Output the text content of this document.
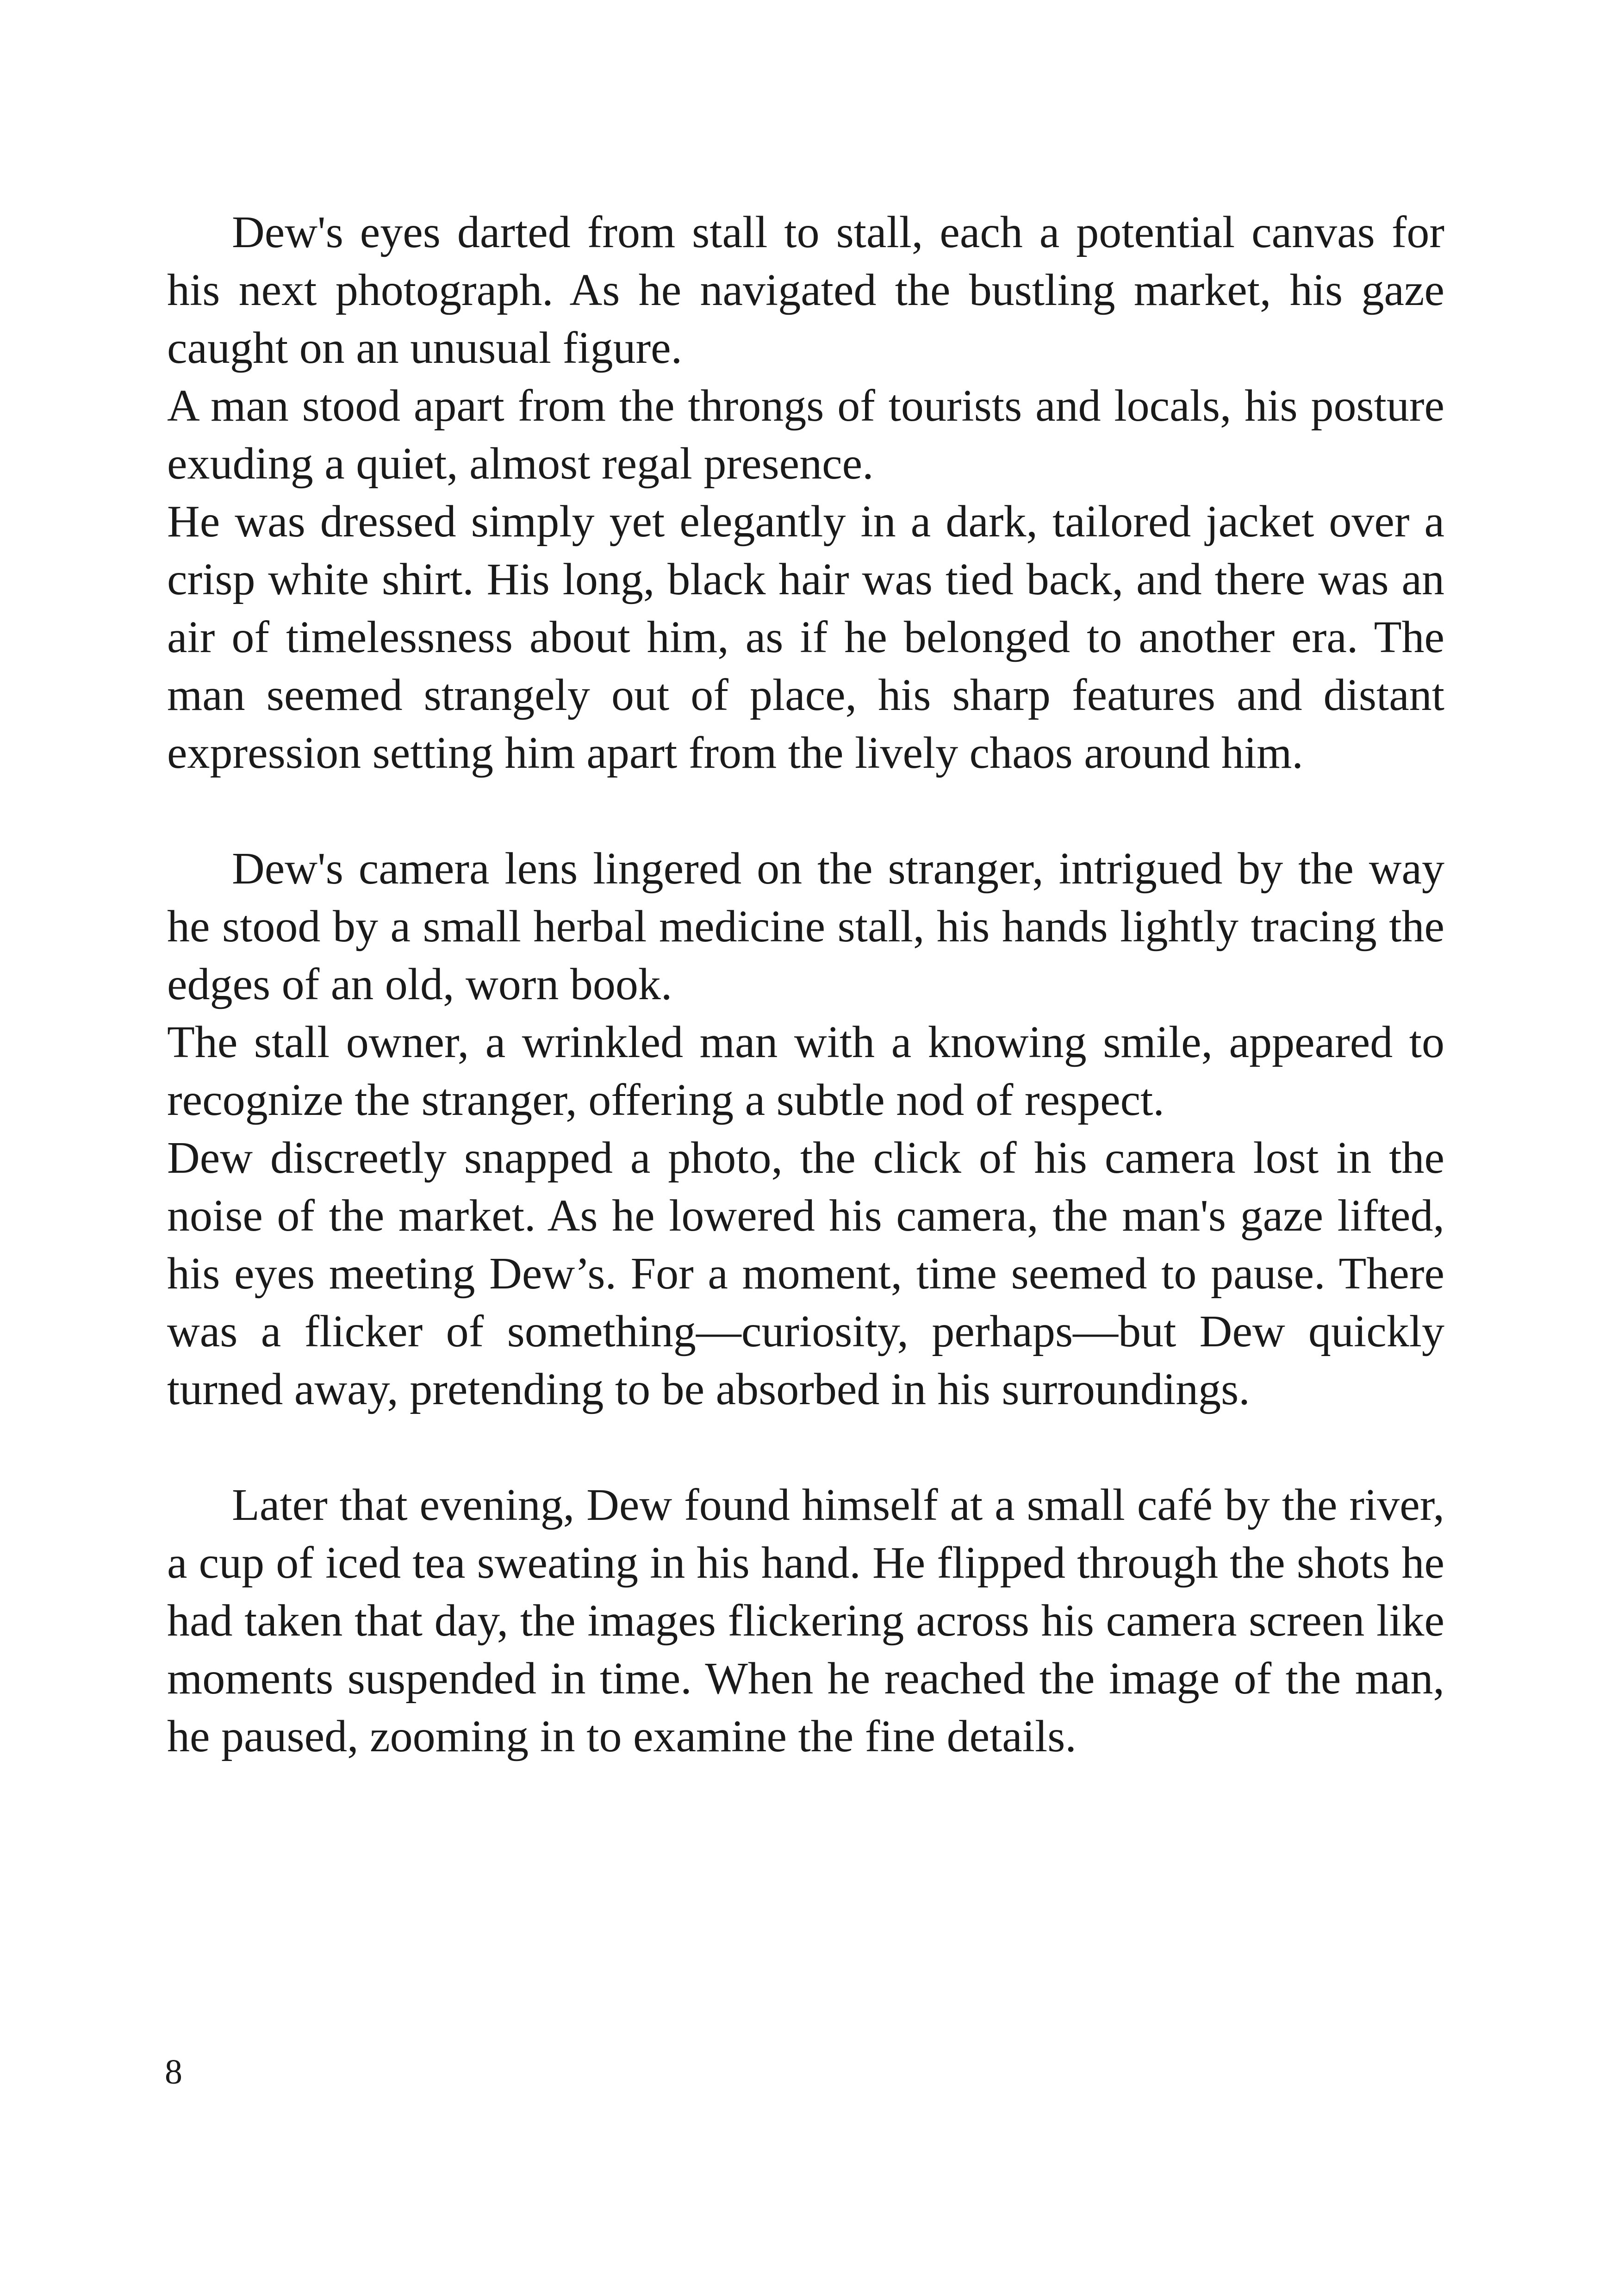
Dew's eyes darted from stall to stall, each a potential canvas for his next photograph. As he navigated the bustling market, his gaze caught on an unusual figure.

A man stood apart from the throngs of tourists and locals, his posture exuding a quiet, almost regal presence.

He was dressed simply yet elegantly in a dark, tailored jacket over a crisp white shirt. His long, black hair was tied back, and there was an air of timelessness about him, as if he belonged to another era. The man seemed strangely out of place, his sharp features and distant expression setting him apart from the lively chaos around him.

Dew's camera lens lingered on the stranger, intrigued by the way he stood by a small herbal medicine stall, his hands lightly tracing the edges of an old, worn book.

The stall owner, a wrinkled man with a knowing smile, appeared to recognize the stranger, offering a subtle nod of respect.

Dew discreetly snapped a photo, the click of his camera lost in the noise of the market. As he lowered his camera, the man's gaze lifted, his eyes meeting Dew’s. For a moment, time seemed to pause. There was a flicker of something—curiosity, perhaps—but Dew quickly turned away, pretending to be absorbed in his surroundings.

Later that evening, Dew found himself at a small café by the river, a cup of iced tea sweating in his hand. He flipped through the shots he had taken that day, the images flickering across his camera screen like moments suspended in time. When he reached the image of the man, he paused, zooming in to examine the fine details.

8
